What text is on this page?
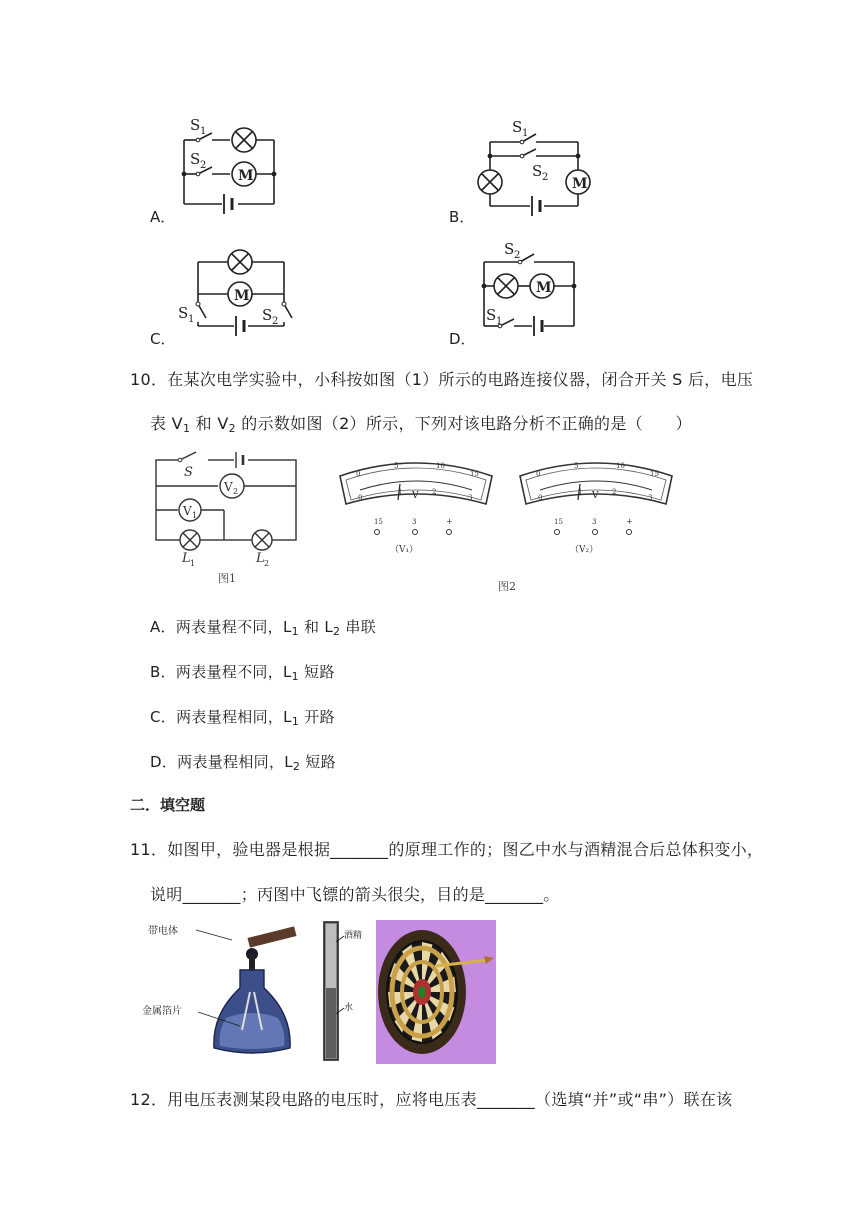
M
S 1
S 2
A．
M
S 1
S 2
B．
M
S 1	S 2
C．
M
S 2
S 1
D．
10．在某次电学实验中，小科按如图（1）所示的电路连接仪器，闭合开关 S 后，电压
表 $V_1$ 和 $V_2$ 的示数如图（2）所示，下列对该电路分析不正确的是（　　）
S
V 2
V 1
L 1	L 2
图1
0
5	10
15
0
1	2
3
V
15	3	+
（V₁）
0
5	10
15
0
1	2
3
V
15	3	+
（V₂）
图2
A．两表量程不同，$L_1$ 和 $L_2$ 串联
B．两表量程不同，$L_1$ 短路
C．两表量程相同，$L_1$ 开路
D．两表量程相同，$L_2$ 短路
二．填空题
11．如图甲，验电器是根据_______的原理工作的；图乙中水与酒精混合后总体积变小，
说明_______；丙图中飞镖的箭头很尖，目的是_______。
带电体
金属箔片
酒精
水
12．用电压表测某段电路的电压时，应将电压表_______（选填“并”或“串”）联在该
